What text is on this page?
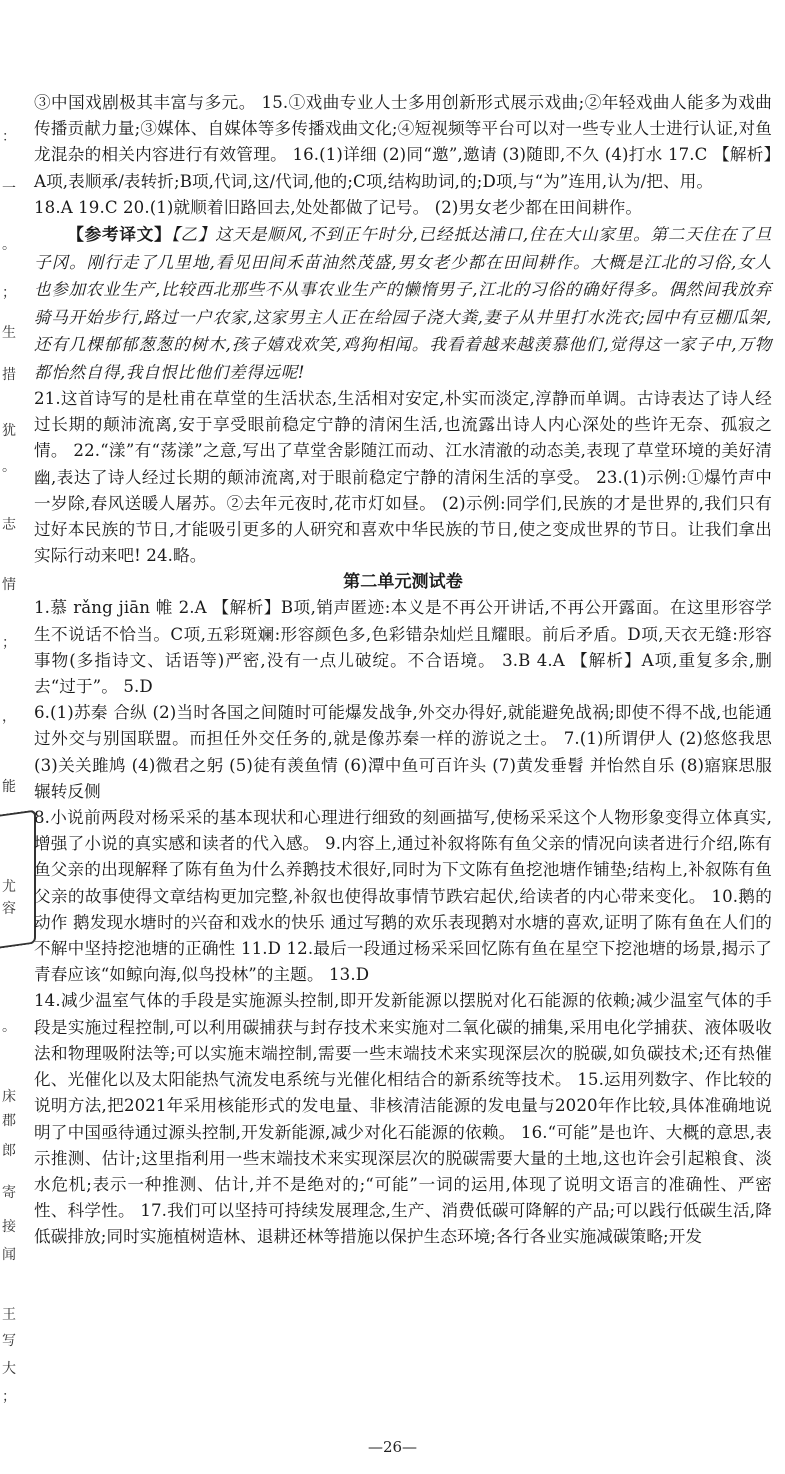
：
一
。
；
生
措
犹
。
志
情
；
，
能
尤
容
。
床
郡
郎
寄
接
闻
王
写
大
；

③中国戏剧极其丰富与多元。 15.①戏曲专业人士多用创新形式展示戏曲;②年轻戏曲人能多为戏曲传播贡献力量;③媒体、自媒体等多传播戏曲文化;④短视频等平台可以对一些专业人士进行认证,对鱼龙混杂的相关内容进行有效管理。 16.(1)详细 (2)同“邀”,邀请 (3)随即,不久 (4)打水 17.C 【解析】A项,表顺承/表转折;B项,代词,这/代词,他的;C项,结构助词,的;D项,与“为”连用,认为/把、用。

18.A 19.C 20.(1)就顺着旧路回去,处处都做了记号。 (2)男女老少都在田间耕作。

【参考译文】【乙】这天是顺风,不到正午时分,已经抵达浦口,住在大山家里。第二天住在了旦子冈。刚行走了几里地,看见田间禾苗油然茂盛,男女老少都在田间耕作。大概是江北的习俗,女人也参加农业生产,比较西北那些不从事农业生产的懒惰男子,江北的习俗的确好得多。偶然间我放弃骑马开始步行,路过一户农家,这家男主人正在给园子浇大粪,妻子从井里打水洗衣;园中有豆棚瓜架,还有几棵郁郁葱葱的树木,孩子嬉戏欢笑,鸡狗相闻。我看着越来越羡慕他们,觉得这一家子中,万物都怡然自得,我自恨比他们差得远呢!

21.这首诗写的是杜甫在草堂的生活状态,生活相对安定,朴实而淡定,淳静而单调。古诗表达了诗人经过长期的颠沛流离,安于享受眼前稳定宁静的清闲生活,也流露出诗人内心深处的些许无奈、孤寂之情。 22.“漾”有“荡漾”之意,写出了草堂舍影随江而动、江水清澈的动态美,表现了草堂环境的美好清幽,表达了诗人经过长期的颠沛流离,对于眼前稳定宁静的清闲生活的享受。 23.(1)示例:①爆竹声中一岁除,春风送暖人屠苏。②去年元夜时,花市灯如昼。 (2)示例:同学们,民族的才是世界的,我们只有过好本民族的节日,才能吸引更多的人研究和喜欢中华民族的节日,使之变成世界的节日。让我们拿出实际行动来吧! 24.略。

第二单元测试卷

1.慕 rǎng jiān 帷 2.A 【解析】B项,销声匿迹:本义是不再公开讲话,不再公开露面。在这里形容学生不说话不恰当。C项,五彩斑斓:形容颜色多,色彩错杂灿烂且耀眼。前后矛盾。D项,天衣无缝:形容事物(多指诗文、话语等)严密,没有一点儿破绽。不合语境。 3.B 4.A 【解析】A项,重复多余,删去“过于”。 5.D

6.(1)苏秦 合纵 (2)当时各国之间随时可能爆发战争,外交办得好,就能避免战祸;即使不得不战,也能通过外交与别国联盟。而担任外交任务的,就是像苏秦一样的游说之士。 7.(1)所谓伊人 (2)悠悠我思 (3)关关雎鸠 (4)微君之躬 (5)徒有羡鱼情 (6)潭中鱼可百许头 (7)黄发垂髫 并怡然自乐 (8)寤寐思服 辗转反侧

8.小说前两段对杨采采的基本现状和心理进行细致的刻画描写,使杨采采这个人物形象变得立体真实,增强了小说的真实感和读者的代入感。 9.内容上,通过补叙将陈有鱼父亲的情况向读者进行介绍,陈有鱼父亲的出现解释了陈有鱼为什么养鹅技术很好,同时为下文陈有鱼挖池塘作铺垫;结构上,补叙陈有鱼父亲的故事使得文章结构更加完整,补叙也使得故事情节跌宕起伏,给读者的内心带来变化。 10.鹅的动作 鹅发现水塘时的兴奋和戏水的快乐 通过写鹅的欢乐表现鹅对水塘的喜欢,证明了陈有鱼在人们的不解中坚持挖池塘的正确性 11.D 12.最后一段通过杨采采回忆陈有鱼在星空下挖池塘的场景,揭示了青春应该“如鲸向海,似鸟投林”的主题。 13.D

14.减少温室气体的手段是实施源头控制,即开发新能源以摆脱对化石能源的依赖;减少温室气体的手段是实施过程控制,可以利用碳捕获与封存技术来实施对二氧化碳的捕集,采用电化学捕获、液体吸收法和物理吸附法等;可以实施末端控制,需要一些末端技术来实现深层次的脱碳,如负碳技术;还有热催化、光催化以及太阳能热气流发电系统与光催化相结合的新系统等技术。 15.运用列数字、作比较的说明方法,把2021年采用核能形式的发电量、非核清洁能源的发电量与2020年作比较,具体准确地说明了中国亟待通过源头控制,开发新能源,减少对化石能源的依赖。 16.“可能”是也许、大概的意思,表示推测、估计;这里指利用一些末端技术来实现深层次的脱碳需要大量的土地,这也许会引起粮食、淡水危机;表示一种推测、估计,并不是绝对的;“可能”一词的运用,体现了说明文语言的准确性、严密性、科学性。 17.我们可以坚持可持续发展理念,生产、消费低碳可降解的产品;可以践行低碳生活,降低碳排放;同时实施植树造林、退耕还林等措施以保护生态环境;各行各业实施减碳策略;开发

—26—
